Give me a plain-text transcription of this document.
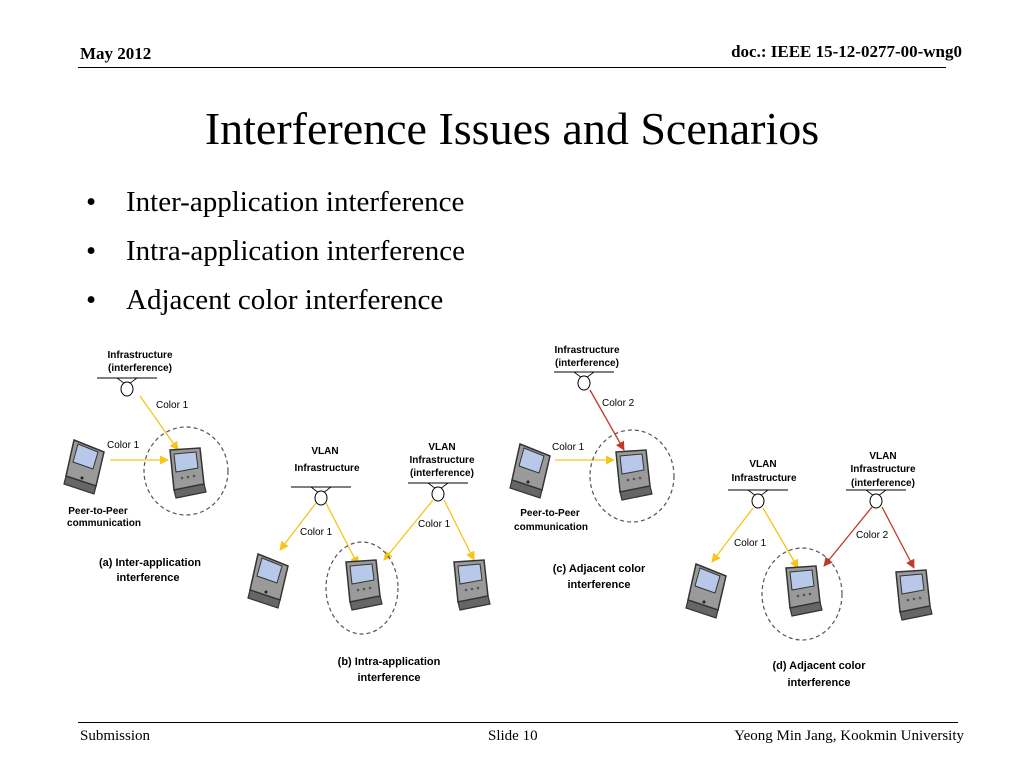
May 2012	doc.: IEEE 15-12-0277-00-wng0
Interference Issues and Scenarios
• Inter-application interference
• Intra-application interference
• Adjacent color interference
Infrastructure
(interference)
Color 1
Color 1
Peer-to-Peer
communication
(a) Inter-application
interference
VLAN
Infrastructure
VLAN
Infrastructure
(interference)
Color 1
Color 1
(b) Intra-application
interference
Infrastructure
(interference)
Color 2
Color 1
Peer-to-Peer
communication
(c) Adjacent color
interference
VLAN
Infrastructure
VLAN
Infrastructure
(interference)
Color 1
Color 2
(d) Adjacent color
interference
Submission	Slide 10	Yeong Min Jang, Kookmin University
